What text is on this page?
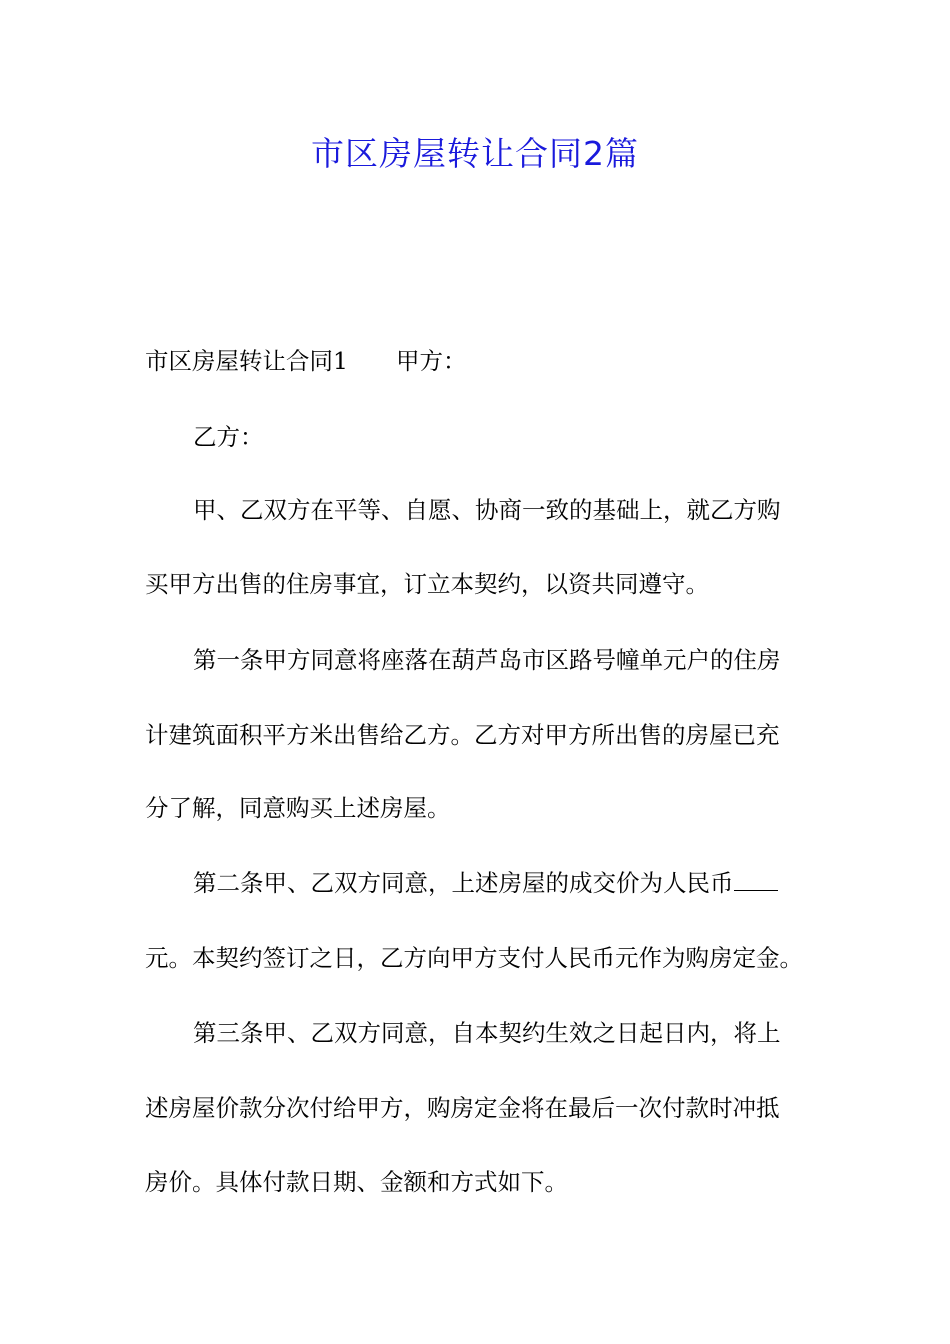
市区房屋转让合同2篇
市区房屋转让合同1 甲方：
乙方：
甲、乙双方在平等、自愿、协商一致的基础上，就乙方购
买甲方出售的住房事宜，订立本契约，以资共同遵守。
第一条甲方同意将座落在葫芦岛市区路号幢单元户的住房
计建筑面积平方米出售给乙方。乙方对甲方所出售的房屋已充
分了解，同意购买上述房屋。
第二条甲、乙双方同意，上述房屋的成交价为人民币
元。本契约签订之日，乙方向甲方支付人民币元作为购房定金。
第三条甲、乙双方同意，自本契约生效之日起日内，将上
述房屋价款分次付给甲方，购房定金将在最后一次付款时冲抵
房价。具体付款日期、金额和方式如下。
